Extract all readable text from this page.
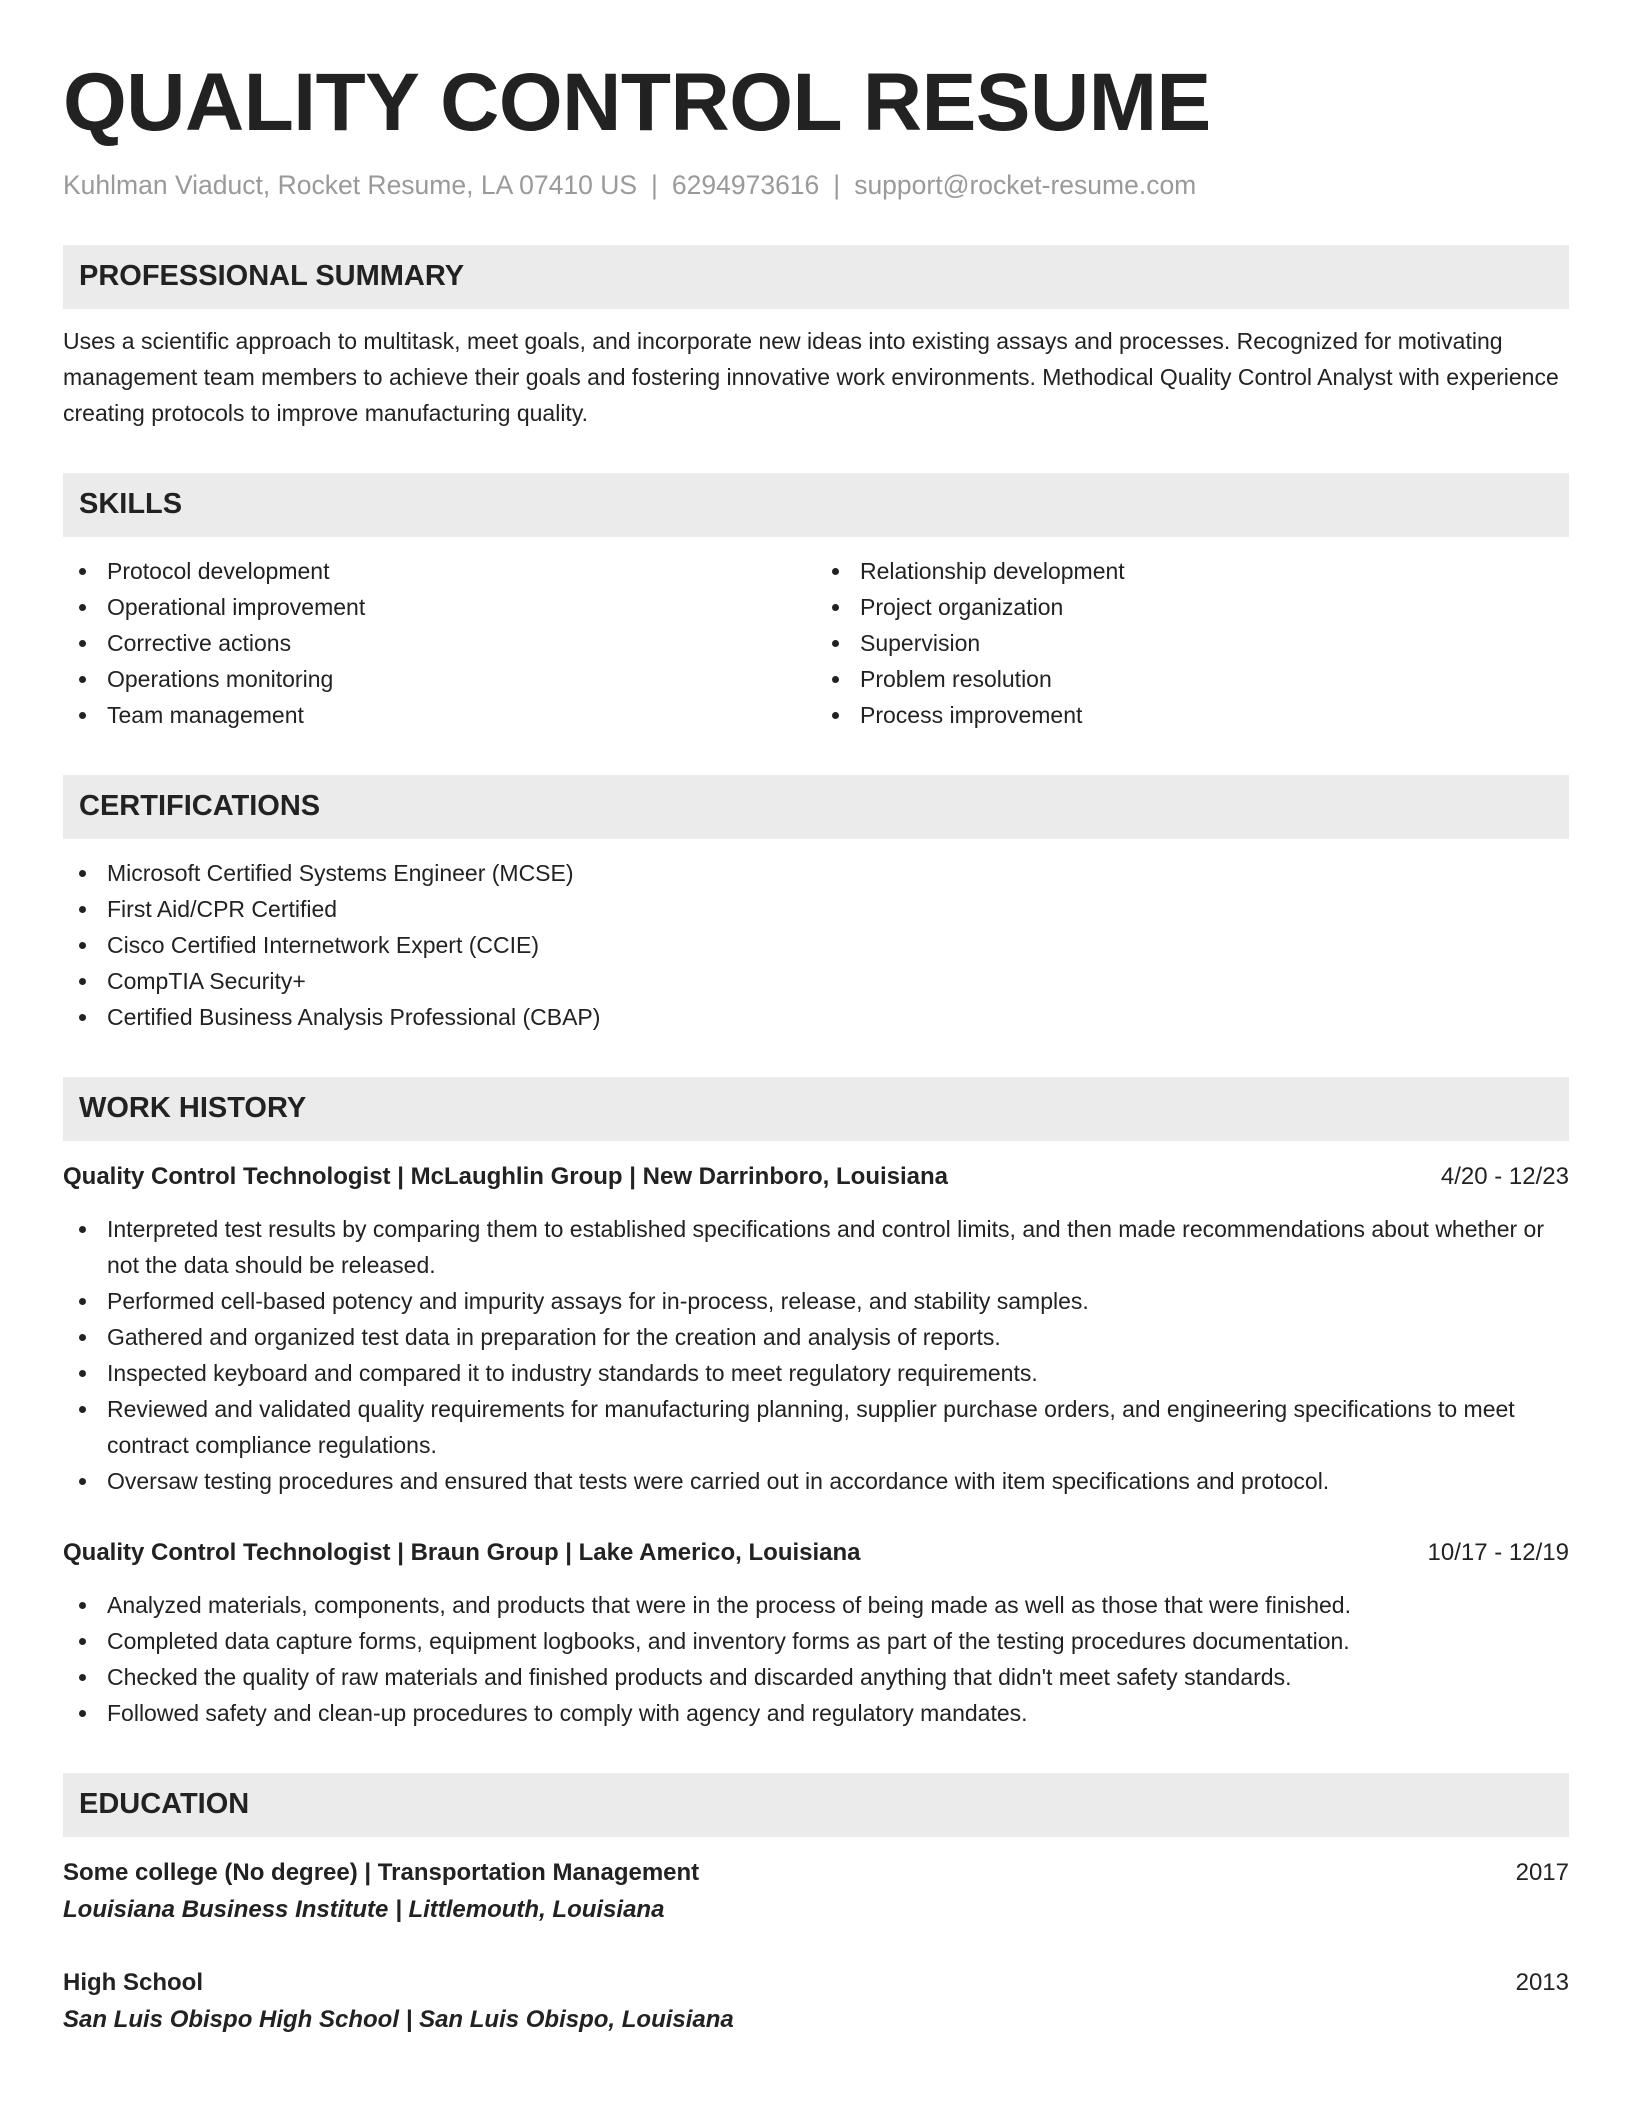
QUALITY CONTROL RESUME
Kuhlman Viaduct, Rocket Resume, LA 07410 US | 6294973616 | support@rocket-resume.com
PROFESSIONAL SUMMARY
Uses a scientific approach to multitask, meet goals, and incorporate new ideas into existing assays and processes. Recognized for motivating management team members to achieve their goals and fostering innovative work environments. Methodical Quality Control Analyst with experience creating protocols to improve manufacturing quality.
SKILLS
Protocol development
Operational improvement
Corrective actions
Operations monitoring
Team management
Relationship development
Project organization
Supervision
Problem resolution
Process improvement
CERTIFICATIONS
Microsoft Certified Systems Engineer (MCSE)
First Aid/CPR Certified
Cisco Certified Internetwork Expert (CCIE)
CompTIA Security+
Certified Business Analysis Professional (CBAP)
WORK HISTORY
Quality Control Technologist | McLaughlin Group | New Darrinboro, Louisiana	4/20 - 12/23
Interpreted test results by comparing them to established specifications and control limits, and then made recommendations about whether or not the data should be released.
Performed cell-based potency and impurity assays for in-process, release, and stability samples.
Gathered and organized test data in preparation for the creation and analysis of reports.
Inspected keyboard and compared it to industry standards to meet regulatory requirements.
Reviewed and validated quality requirements for manufacturing planning, supplier purchase orders, and engineering specifications to meet contract compliance regulations.
Oversaw testing procedures and ensured that tests were carried out in accordance with item specifications and protocol.
Quality Control Technologist | Braun Group | Lake Americo, Louisiana	10/17 - 12/19
Analyzed materials, components, and products that were in the process of being made as well as those that were finished.
Completed data capture forms, equipment logbooks, and inventory forms as part of the testing procedures documentation.
Checked the quality of raw materials and finished products and discarded anything that didn't meet safety standards.
Followed safety and clean-up procedures to comply with agency and regulatory mandates.
EDUCATION
Some college (No degree) | Transportation Management	2017
Louisiana Business Institute | Littlemouth, Louisiana
High School	2013
San Luis Obispo High School | San Luis Obispo, Louisiana
